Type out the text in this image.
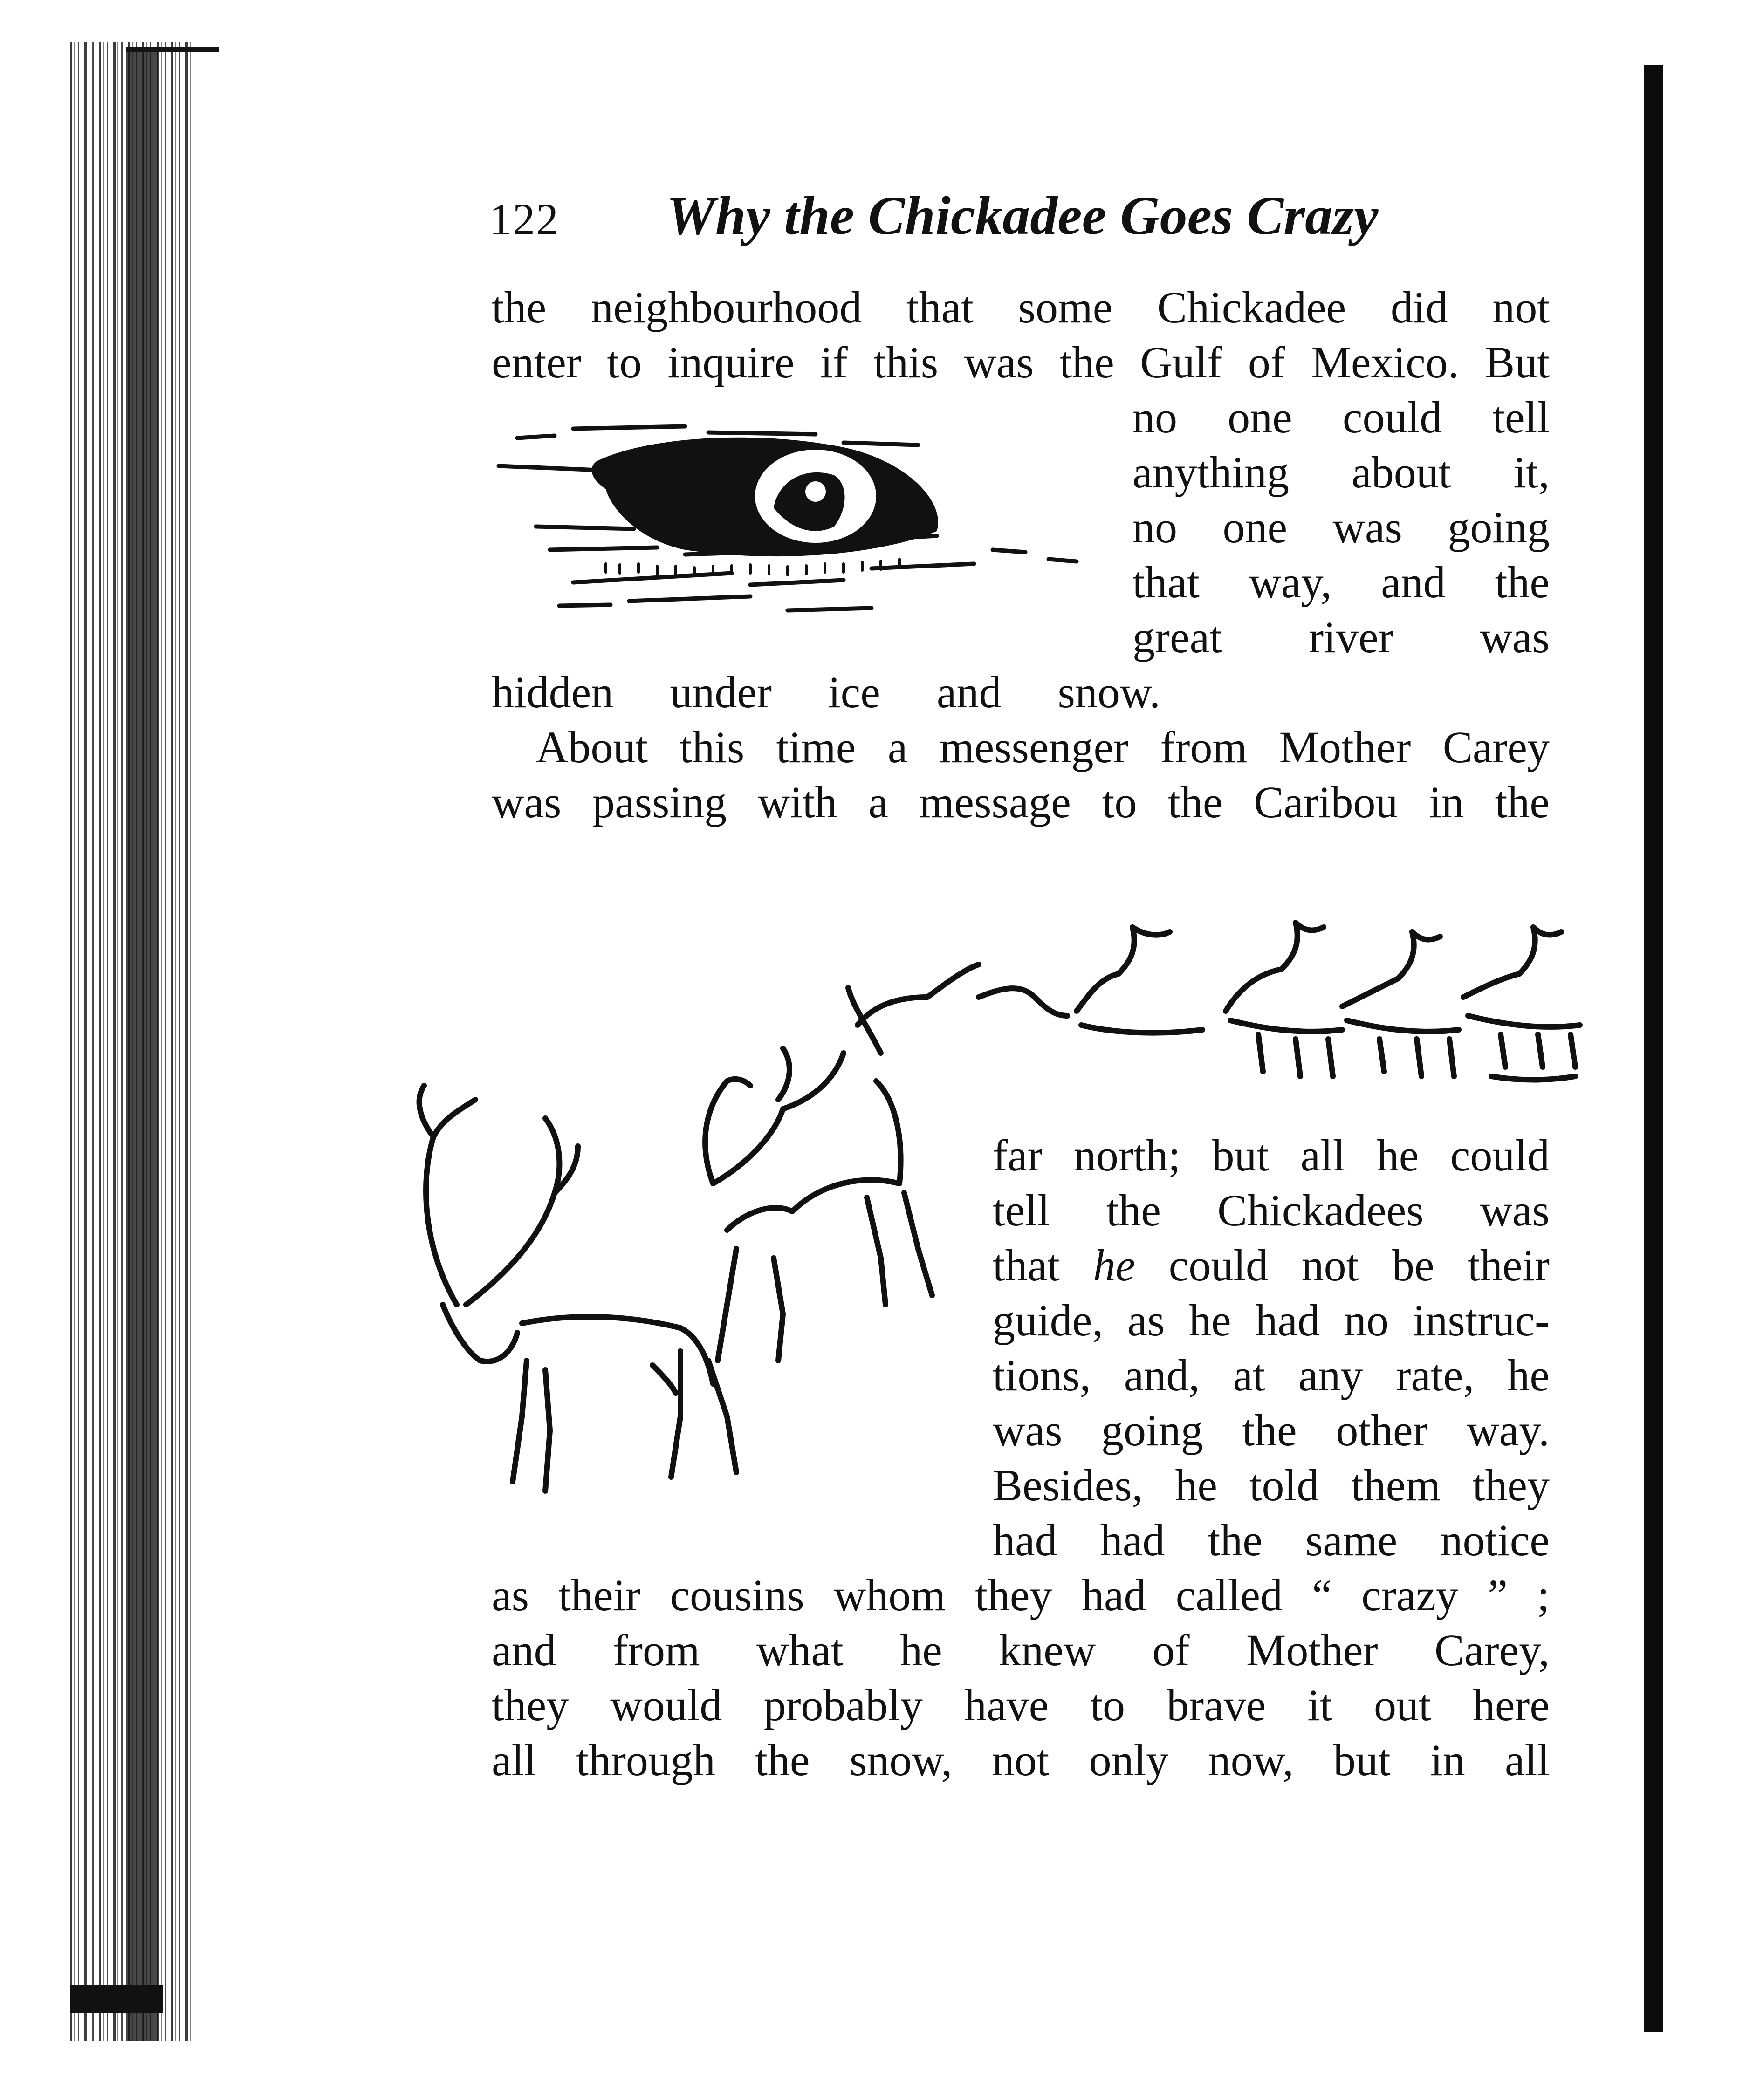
122 Why the Chickadee Goes Crazy
the neighbourhood that some Chickadee did not
enter to inquire if this was the Gulf of Mexico. But
no one could tell
anything about it,
no one was going
that way, and the
great river was
hidden under ice and snow.
About this time a messenger from Mother Carey
was passing with a message to the Caribou in the
far north; but all he could
tell the Chickadees was
that he could not be their
guide, as he had no instruc-
tions, and, at any rate, he
was going the other way.
Besides, he told them they
had had the same notice
as their cousins whom they had called “ crazy ” ;
and from what he knew of Mother Carey,
they would probably have to brave it out here
all through the snow, not only now, but in all
